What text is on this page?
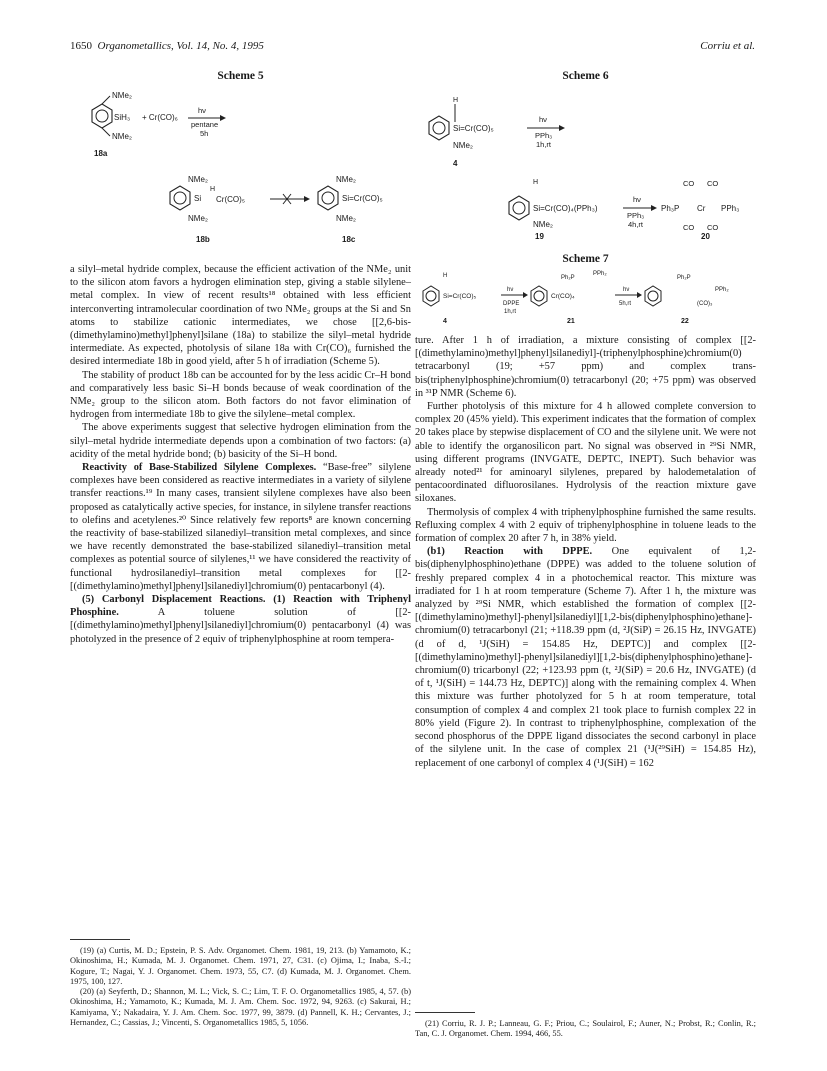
1650 Organometallics, Vol. 14, No. 4, 1995	Corriu et al.
Scheme 5
NMe₂
SiH₃
NMe₂
+ Cr(CO)₆
hν
pentane
5h
18a
NMe₂
Si
H
Cr(CO)₅
NMe₂
18b
NMe₂
Si=Cr(CO)₅
NMe₂
18c

a silyl–metal hydride complex, because the efficient activation of the NMe₂ unit to the silicon atom favors a hydrogen elimination step, giving a stable silylene–metal complex. In view of recent results¹⁸ obtained with less efficient interconverting intramolecular coordination of two NMe₂ groups at the Si and Sn atoms to stabilize cationic intermediates, we chose [[2,6-bis-(dimethylamino)methyl]phenyl]silane (18a) to stabilize the silyl–metal hydride intermediate. As expected, photolysis of silane 18a with Cr(CO)₆ furnished the desired intermediate 18b in good yield, after 5 h of irradiation (Scheme 5).

The stability of product 18b can be accounted for by the less acidic Cr–H bond and comparatively less basic Si–H bonds because of weak coordination of the NMe₂ group to the silicon atom. Both factors do not favor elimination of hydrogen from intermediate 18b to give the silylene–metal complex.

The above experiments suggest that selective hydrogen elimination from the silyl–metal hydride intermediate depends upon a combination of two factors: (a) acidity of the metal hydride bond; (b) basicity of the Si–H bond.

Reactivity of Base-Stabilized Silylene Complexes. “Base-free” silylene complexes have been considered as reactive intermediates in a variety of silylene transfer reactions.¹⁹ In many cases, transient silylene complexes have also been proposed as catalytically active species, for instance, in silylene transfer reactions to olefins and acetylenes.²⁰ Since relatively few reports⁸ are known concerning the reactivity of base-stabilized silanediyl–transition metal complexes, and since we have recently demonstrated the base-stabilized silanediyl–transition metal complexes as potential source of silylenes,¹¹ we have considered the reactivity of functional hydrosilanediyl–transition metal complexes for [[2-[(dimethylamino)methyl]phenyl]silanediyl]chromium(0) pentacarbonyl (4).

(5) Carbonyl Displacement Reactions. (1) Reaction with Triphenyl Phosphine. A toluene solution of [[2-[(dimethylamino)methyl]phenyl]silanediyl]chromium(0) pentacarbonyl (4) was photolyzed in the presence of 2 equiv of triphenylphosphine at room tempera-

(19) (a) Curtis, M. D.; Epstein, P. S. Adv. Organomet. Chem. 1981, 19, 213. (b) Yamamoto, K.; Okinoshima, H.; Kumada, M. J. Organomet. Chem. 1971, 27, C31. (c) Ojima, I.; Inaba, S.-I.; Kogure, T.; Nagai, Y. J. Organomet. Chem. 1973, 55, C7. (d) Kumada, M. J. Organomet. Chem. 1975, 100, 127.

(20) (a) Seyferth, D.; Shannon, M. L.; Vick, S. C.; Lim, T. F. O. Organometallics 1985, 4, 57. (b) Okinoshima, H.; Yamamoto, K.; Kumada, M. J. Am. Chem. Soc. 1972, 94, 9263. (c) Sakurai, H.; Kamiyama, Y.; Nakadaira, Y. J. Am. Chem. Soc. 1977, 99, 3879. (d) Pannell, K. H.; Cervantes, J.; Hernandez, C.; Cassias, J.; Vincenti, S. Organometallics 1985, 5, 1056.

Scheme 6
H
Si=Cr(CO)₅
NMe₂
4
hν
PPh₃
1h,rt
H
Si=Cr(CO)₄(PPh₃)
NMe₂
19
hν
PPh₃
4h,rt
Ph₃P Cr PPh₃
CO CO
CO CO
20
Scheme 7
H
Si=Cr(CO)₅
4
hν
DPPE
1h,rt
Ph₂P
PPh₂
Cr(CO)₄
21
hν
5h,rt
Ph₂P
PPh₂
(CO)₃
22

ture. After 1 h of irradiation, a mixture consisting of complex [[2-[(dimethylamino)methyl]phenyl]silanediyl]-(triphenylphosphine)chromium(0) tetracarbonyl (19; +57 ppm) and complex trans-bis(triphenylphosphine)chromium(0) tetracarbonyl (20; +75 ppm) was observed in ³¹P NMR (Scheme 6).

Further photolysis of this mixture for 4 h allowed complete conversion to complex 20 (45% yield). This experiment indicates that the formation of complex 20 takes place by stepwise displacement of CO and the silylene unit. We were not able to identify the organosilicon part. No signal was observed in ²⁹Si NMR, using different programs (INVGATE, DEPTC, INEPT). Such behavior was already noted²¹ for aminoaryl silylenes, prepared by halodemetalation of pentacoordinated difluorosilanes. Hydrolysis of the reaction mixture gave siloxanes.

Thermolysis of complex 4 with triphenylphosphine furnished the same results. Refluxing complex 4 with 2 equiv of triphenylphosphine in toluene leads to the formation of complex 20 after 7 h, in 38% yield.

(b1) Reaction with DPPE. One equivalent of 1,2-bis(diphenylphosphino)ethane (DPPE) was added to the toluene solution of freshly prepared complex 4 in a photochemical reactor. This mixture was irradiated for 1 h at room temperature (Scheme 7). After 1 h, the mixture was analyzed by ²⁹Si NMR, which established the formation of complex [[2-[(dimethylamino)methyl]-phenyl]silanediyl][1,2-bis(diphenylphosphino)ethane]-chromium(0) tetracarbonyl (21; +118.39 ppm (d, ²J(SiP) = 26.15 Hz, INVGATE) (d of d, ¹J(SiH) = 154.85 Hz, DEPTC)] and complex [[2-[(dimethylamino)methyl]-phenyl]silanediyl][1,2-bis(diphenylphosphino)ethane]-chromium(0) tricarbonyl (22; +123.93 ppm (t, ²J(SiP) = 20.6 Hz, INVGATE) (d of t, ¹J(SiH) = 144.73 Hz, DEPTC)] along with the remaining complex 4. When this mixture was further photolyzed for 5 h at room temperature, total consumption of complex 4 and complex 21 took place to furnish complex 22 in 80% yield (Figure 2). In contrast to triphenylphosphine, complexation of the second phosphorus of the DPPE ligand dissociates the second carbonyl in place of the silylene unit. In the case of complex 21 (¹J(²⁹SiH) = 154.85 Hz), replacement of one carbonyl of complex 4 (¹J(SiH) = 162

(21) Corriu, R. J. P.; Lanneau, G. F.; Priou, C.; Soulairol, F.; Auner, N.; Probst, R.; Conlin, R.; Tan, C. J. Organomet. Chem. 1994, 466, 55.
